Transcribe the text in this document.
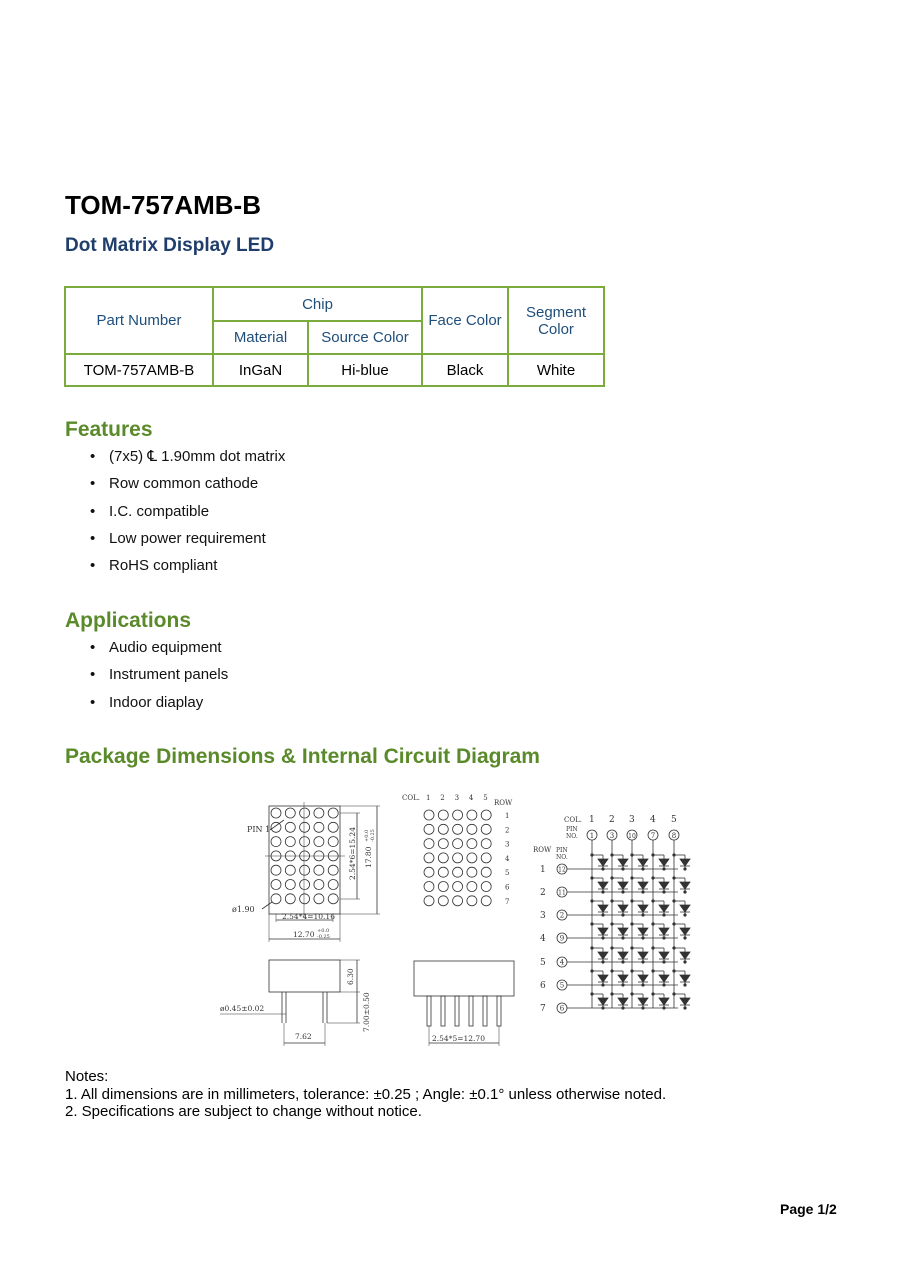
TOM-757AMB-B
Dot Matrix Display LED
Part Number	Chip		Face Color	Segment Color
	Material	Source Color		
TOM-757AMB-B	InGaN	Hi-blue	Black	White
Features
• (7x5) ℄ 1.90mm dot matrix
• Row common cathode
• I.C. compatible
• Low power requirement
• RoHS compliant
Applications
• Audio equipment
• Instrument panels
• Indoor diaplay
Package Dimensions & Internal Circuit Diagram
PIN 1
ø1.90
2.54*4=10.16
12.70 +0.0
-0.25
2.54*6=15.24 17.80
+0.0 -0.25
6.30
7.00±0.50
ø0.45±0.02
7.62
COL. 1 2 3 4 5
ROW
1
2
3
4
5
6
7
2.54*5=12.70
COL.
PIN
NO.
ROW PIN
NO.
1 2 3 4 5
1 3 10 7 8
1 12
2 11
3 2
4 9
5 4
6 5
7 6
Notes:
1. All dimensions are in millimeters, tolerance: ±0.25 ; Angle: ±0.1° unless otherwise noted.
2. Specifications are subject to change without notice.
Page 1/2
